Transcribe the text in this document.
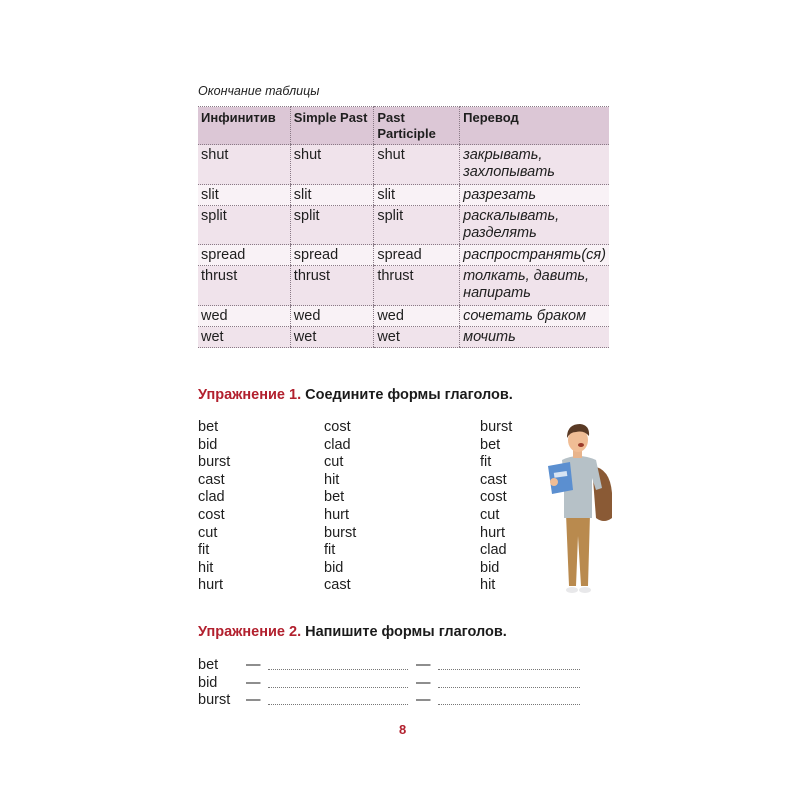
Окончание таблицы
Инфинитив	Simple Past	Past Participle	Перевод
shut	shut	shut	закрывать, захлопывать
slit	slit	slit	разрезать
split	split	split	раскалывать, разделять
spread	spread	spread	распространять(ся)
thrust	thrust	thrust	толкать, давить, напирать
wed	wed	wed	сочетать браком
wet	wet	wet	мочить
Упражнение 1. Соедините формы глаголов.
bet
bid
burst
cast
clad
cost
cut
fit
hit
hurt
cost
clad
cut
hit
bet
hurt
burst
fit
bid
cast
burst
bet
fit
cast
cost
cut
hurt
clad
bid
hit
Упражнение 2. Напишите формы глаголов.
bet —	—
bid —	—
burst —	—
8
